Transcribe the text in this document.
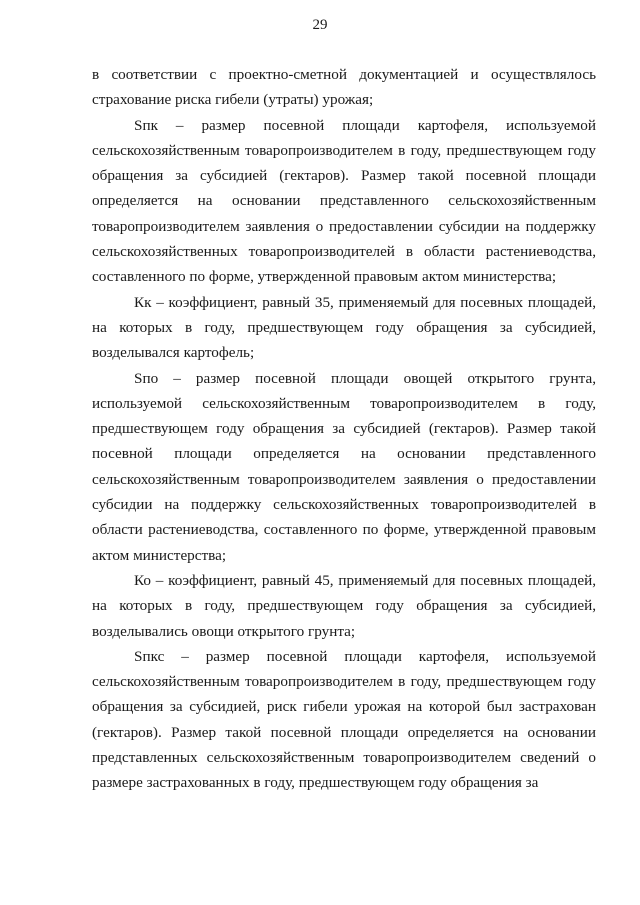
29

в соответствии с проектно-сметной документацией и осуществлялось страхование риска гибели (утраты) урожая;

Sпк – размер посевной площади картофеля, используемой сельскохозяйственным товаропроизводителем в году, предшествующем году обращения за субсидией (гектаров). Размер такой посевной площади определяется на основании представленного сельскохозяйственным товаропроизводителем заявления о предоставлении субсидии на поддержку сельскохозяйственных товаропроизводителей в области растениеводства, составленного по форме, утвержденной правовым актом министерства;

Кк – коэффициент, равный 35, применяемый для посевных площадей, на которых в году, предшествующем году обращения за субсидией, возделывался картофель;

Sпо – размер посевной площади овощей открытого грунта, используемой сельскохозяйственным товаропроизводителем в году, предшествующем году обращения за субсидией (гектаров). Размер такой посевной площади определяется на основании представленного сельскохозяйственным товаропроизводителем заявления о предоставлении субсидии на поддержку сельскохозяйственных товаропроизводителей в области растениеводства, составленного по форме, утвержденной правовым актом министерства;

Ко – коэффициент, равный 45, применяемый для посевных площадей, на которых в году, предшествующем году обращения за субсидией, возделывались овощи открытого грунта;

Sпкс – размер посевной площади картофеля, используемой сельскохозяйственным товаропроизводителем в году, предшествующем году обращения за субсидией, риск гибели урожая на которой был застрахован (гектаров). Размер такой посевной площади определяется на основании представленных сельскохозяйственным товаропроизводителем сведений о размере застрахованных в году, предшествующем году обращения за
